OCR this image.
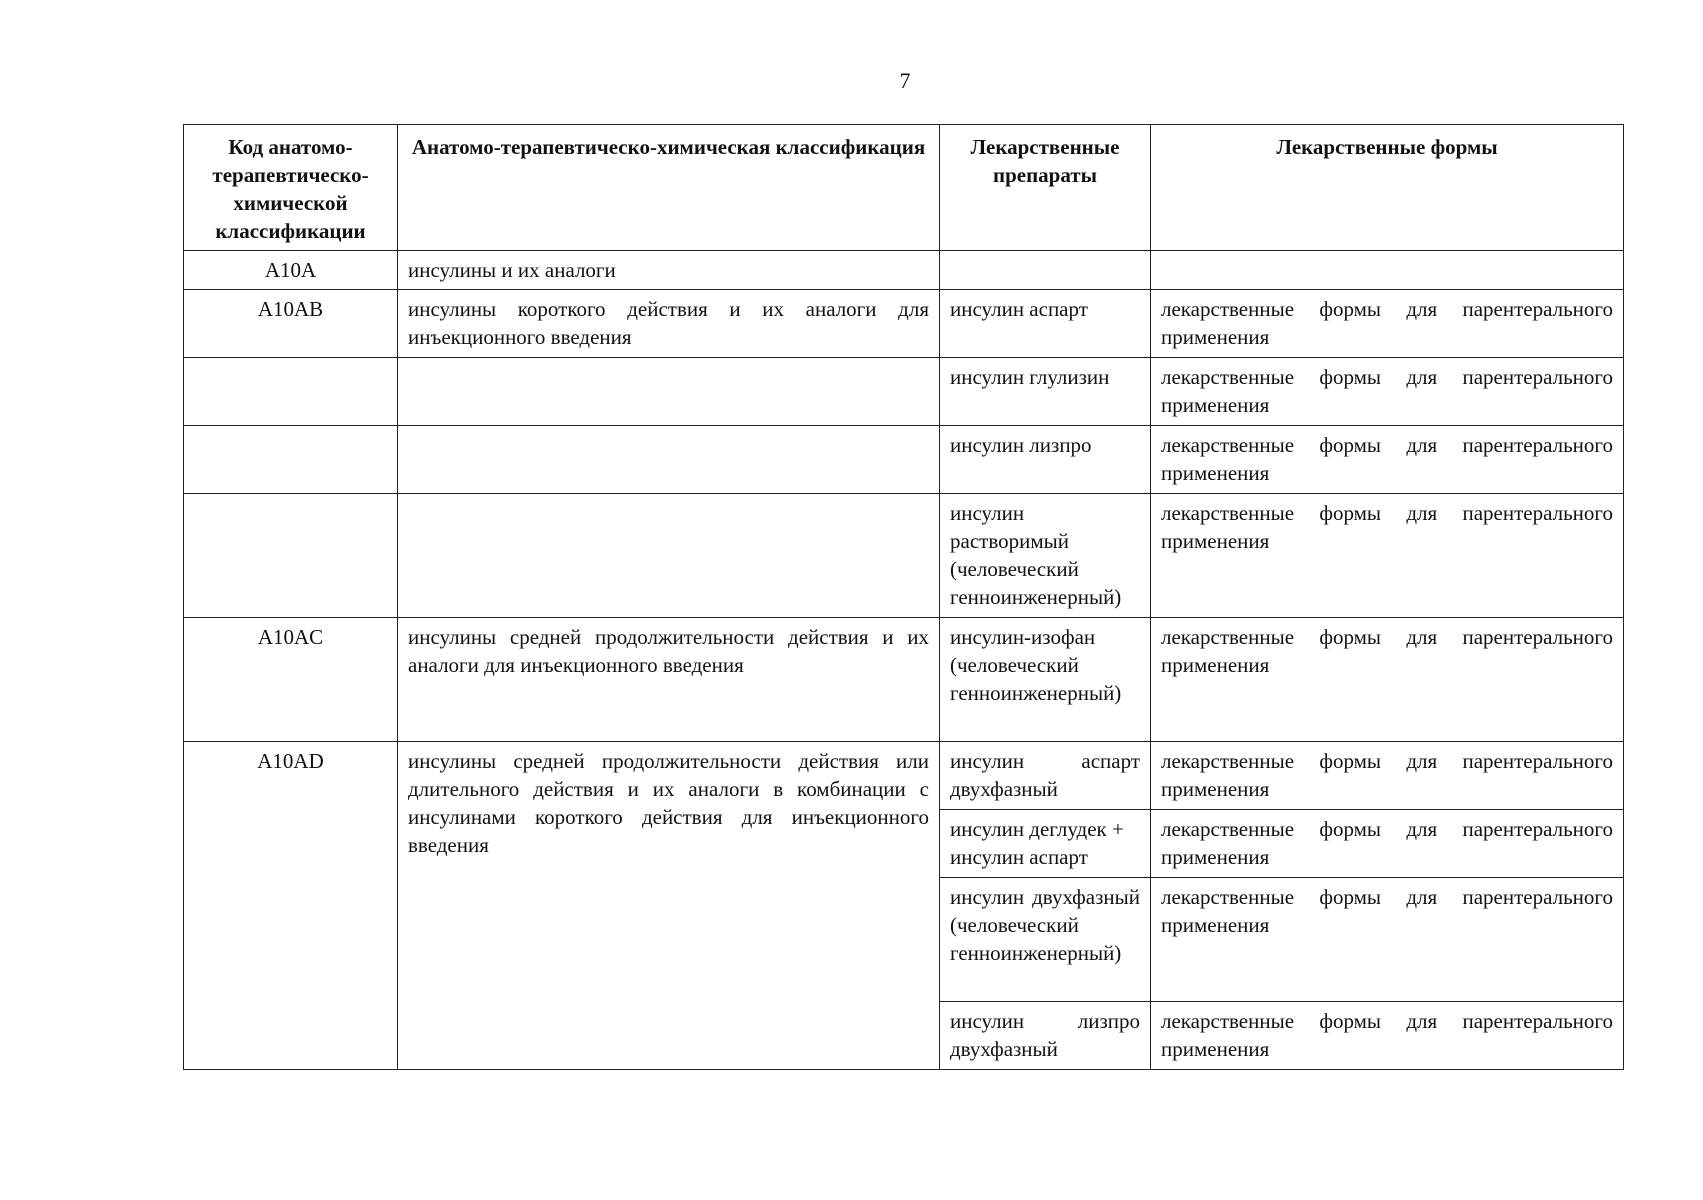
7
Код анатомо-терапевтическо-химической классификации	Анатомо-терапевтическо-химическая классификация	Лекарственные препараты	Лекарственные формы
A10A	инсулины и их аналоги		
A10AB	инсулины короткого действия и их аналоги для инъекционного введения	инсулин аспарт	лекарственные формы для парентерального применения
		инсулин глулизин	лекарственные формы для парентерального применения
		инсулин лизпро	лекарственные формы для парентерального применения
		инсулин растворимый (человеческий генноинженерный)	лекарственные формы для парентерального применения
A10AC	инсулины средней продолжительности действия и их аналоги для инъекционного введения	инсулин-изофан (человеческий генноинженерный)	лекарственные формы для парентерального применения
A10AD	инсулины средней продолжительности действия или длительного действия и их аналоги в комбинации с инсулинами короткого действия для инъекционного введения	инсулин аспарт двухфазный	лекарственные формы для парентерального применения
		инсулин деглудек + инсулин аспарт	лекарственные формы для парентерального применения
		инсулин двухфазный (человеческий генноинженерный)	лекарственные формы для парентерального применения
		инсулин лизпро двухфазный	лекарственные формы для парентерального применения
